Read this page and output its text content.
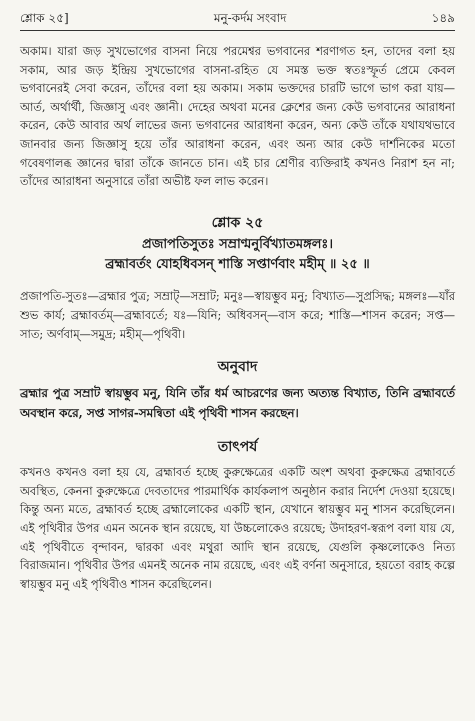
শ্লোক ২৫]	মনু-কর্দম সংবাদ	১৪৯

অকাম। যারা জড় সুখভোগের বাসনা নিয়ে পরমেশ্বর ভগবানের শরণাগত হন, তাদের বলা হয় সকাম, আর জড় ইন্দ্রিয় সুখভোগের বাসনা-রহিত যে সমস্ত ভক্ত স্বতঃস্ফূর্ত প্রেমে কেবল ভগবানেরই সেবা করেন, তাঁদের বলা হয় অকাম। সকাম ভক্তদের চারটি ভাগে ভাগ করা যায়—আর্ত, অর্থার্থী, জিজ্ঞাসু এবং জ্ঞানী। দেহের অথবা মনের ক্লেশের জন্য কেউ ভগবানের আরাধনা করেন, কেউ আবার অর্থ লাভের জন্য ভগবানের আরাধনা করেন, অন্য কেউ তাঁকে যথাযথভাবে জানবার জন্য জিজ্ঞাসু হয়ে তাঁর আরাধনা করেন, এবং অন্য আর কেউ দার্শনিকের মতো গবেষণালব্ধ জ্ঞানের দ্বারা তাঁকে জানতে চান। এই চার শ্রেণীর ব্যক্তিরাই কখনও নিরাশ হন না; তাঁদের আরাধনা অনুসারে তাঁরা অভীষ্ট ফল লাভ করেন।

শ্লোক ২৫
প্রজাপতিসুতঃ সম্রাণ্মনুর্বিখ্যাতমঙ্গলঃ।
ব্রহ্মাবর্তং যোহধিবসন্ শাস্তি সপ্তার্ণবাং মহীম্ ॥ ২৫ ॥

প্রজাপতি-সুতঃ—ব্রহ্মার পুত্র; সম্রাট্—সম্রাট; মনুঃ—স্বায়ম্ভুব মনু; বিখ্যাত—সুপ্রসিদ্ধ; মঙ্গলঃ—যাঁর শুভ কার্য; ব্রহ্মাবর্তম্—ব্রহ্মাবর্তে; যঃ—যিনি; অধিবসন্—বাস করে; শাস্তি—শাসন করেন; সপ্ত—সাত; অর্ণবাম্—সমুদ্র; মহীম্—পৃথিবী।

অনুবাদ

ব্রহ্মার পুত্র সম্রাট স্বায়ম্ভুব মনু, যিনি তাঁর ধর্ম আচরণের জন্য অত্যন্ত বিখ্যাত, তিনি ব্রহ্মাবর্তে অবস্থান করে, সপ্ত সাগর-সমন্বিতা এই পৃথিবী শাসন করছেন।

তাৎপর্য

কখনও কখনও বলা হয় যে, ব্রহ্মাবর্ত হচ্ছে কুরুক্ষেত্রের একটি অংশ অথবা কুরুক্ষেত্র ব্রহ্মাবর্তে অবস্থিত, কেননা কুরুক্ষেত্রে দেবতাদের পারমার্থিক কার্যকলাপ অনুষ্ঠান করার নির্দেশ দেওয়া হয়েছে। কিন্তু অন্য মতে, ব্রহ্মাবর্ত হচ্ছে ব্রহ্মালোকের একটি স্থান, যেখানে স্বায়ম্ভুব মনু শাসন করেছিলেন। এই পৃথিবীর উপর এমন অনেক স্থান রয়েছে, যা উচ্চলোকেও রয়েছে; উদাহরণ-স্বরূপ বলা যায় যে, এই পৃথিবীতে বৃন্দাবন, দ্বারকা এবং মথুরা আদি স্থান রয়েছে, যেগুলি কৃষ্ণলোকেও নিত্য বিরাজমান। পৃথিবীর উপর এমনই অনেক নাম রয়েছে, এবং এই বর্ণনা অনুসারে, হয়তো বরাহ কল্পে স্বায়ম্ভুব মনু এই পৃথিবীও শাসন করেছিলেন।
